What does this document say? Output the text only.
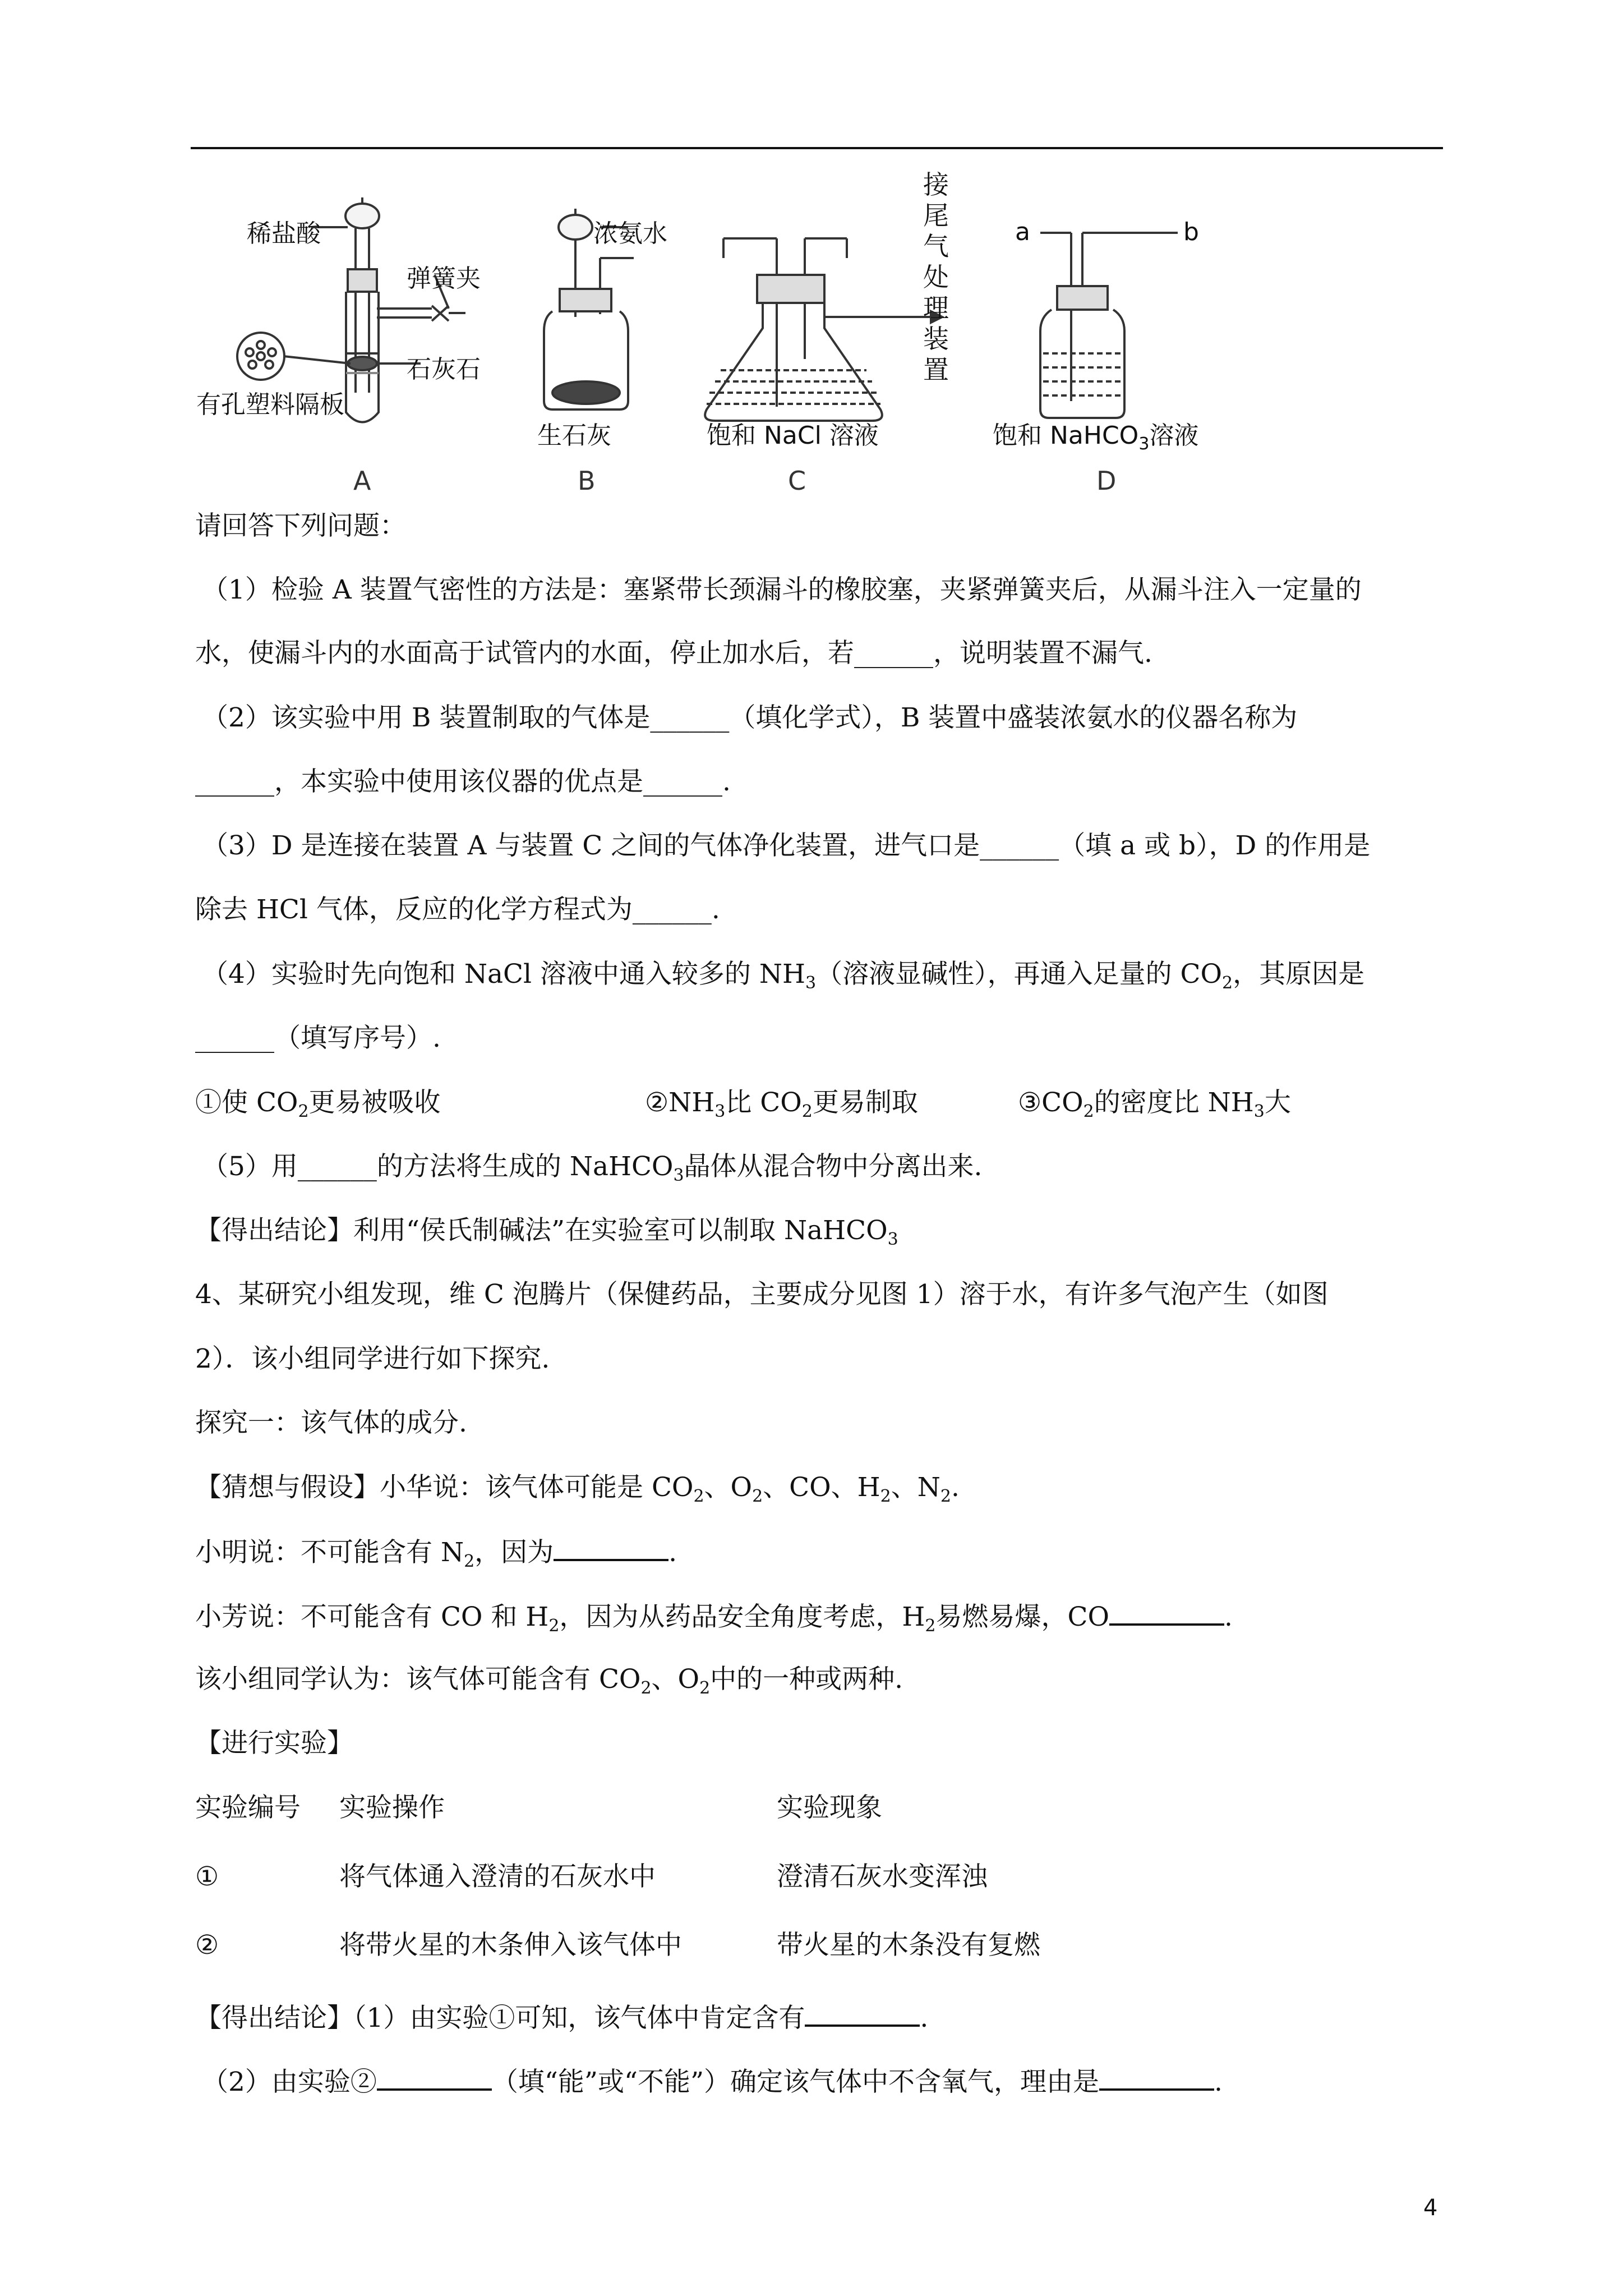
稀盐酸
弹簧夹
石灰石
有孔塑料隔板
A
浓氨水
生石灰
B
饱和 NaCl 溶液
接
尾
气
处
理
装
置
C
a	b
饱和 NaHCO$_3$溶液
D
请回答下列问题：
（1）检验 A 装置气密性的方法是：塞紧带长颈漏斗的橡胶塞，夹紧弹簧夹后，从漏斗注入一定量的
水，使漏斗内的水面高于试管内的水面，停止加水后，若______，说明装置不漏气.
（2）该实验中用 B 装置制取的气体是______（填化学式），B 装置中盛装浓氨水的仪器名称为
______，本实验中使用该仪器的优点是______.
（3）D 是连接在装置 A 与装置 C 之间的气体净化装置，进气口是______（填 a 或 b），D 的作用是
除去 HCl 气体，反应的化学方程式为______.
（4）实验时先向饱和 NaCl 溶液中通入较多的 $NH_3$（溶液显碱性），再通入足量的 $CO_2$，其原因是
______（填写序号）.
①使 $CO_2$更易被吸收	$②NH_3$比 $CO_2$更易制取	$③CO_2$的密度比 $NH_3$大
（5）用______的方法将生成的 NaHCO$_3$晶体从混合物中分离出来.
【得出结论】利用“侯氏制碱法”在实验室可以制取 NaHCO$_3$
4、某研究小组发现，维 C 泡腾片（保健药品，主要成分见图 1）溶于水，有许多气泡产生（如图
2）．该小组同学进行如下探究.
探究一：该气体的成分.
【猜想与假设】小华说：该气体可能是 $CO_2$、$O_2$、CO、$H_2$、$N_2$.
小明说：不可能含有 $N_2$，因为	.
小芳说：不可能含有 CO 和 $H_2$，因为从药品安全角度考虑，$H_2$易燃易爆，CO	.
该小组同学认为：该气体可能含有 $CO_2$、$O_2$中的一种或两种.
【进行实验】
实验编号 实验操作	实验现象
①	将气体通入澄清的石灰水中	澄清石灰水变浑浊
②	将带火星的木条伸入该气体中	带火星的木条没有复燃
【得出结论】（1）由实验①可知，该气体中肯定含有	.
（2）由实验②	（填“能”或“不能”）确定该气体中不含氧气，理由是	.
4
